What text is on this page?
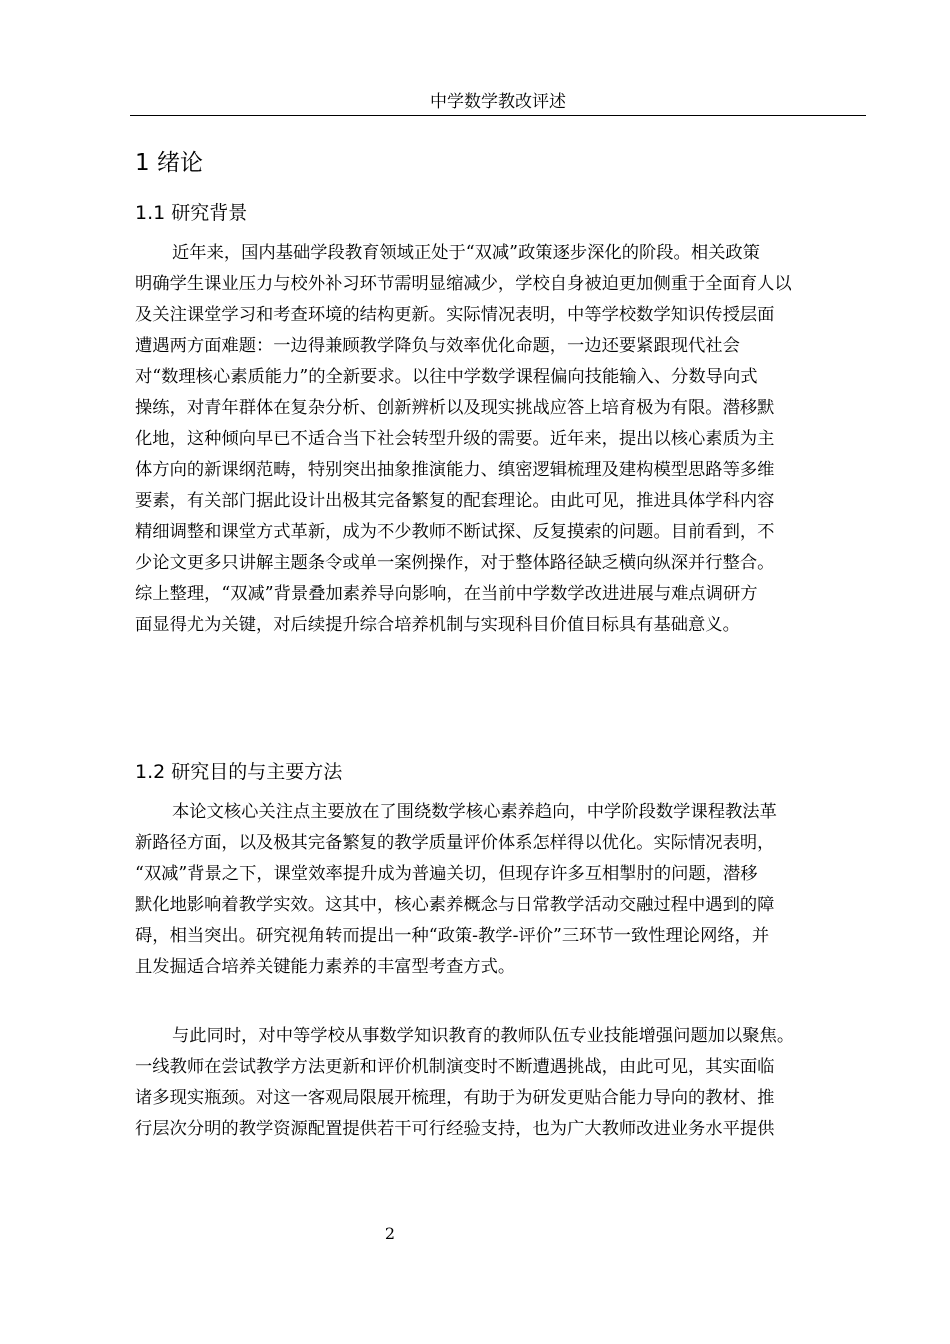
中学数学教改评述
1 绪论
1.1 研究背景

近年来，国内基础学段教育领域正处于“双减”政策逐步深化的阶段。相关政策
明确学生课业压力与校外补习环节需明显缩减少，学校自身被迫更加侧重于全面育人以
及关注课堂学习和考查环境的结构更新。实际情况表明，中等学校数学知识传授层面
遭遇两方面难题：一边得兼顾教学降负与效率优化命题，一边还要紧跟现代社会
对“数理核心素质能力”的全新要求。以往中学数学课程偏向技能输入、分数导向式
操练，对青年群体在复杂分析、创新辨析以及现实挑战应答上培育极为有限。潜移默
化地，这种倾向早已不适合当下社会转型升级的需要。近年来，提出以核心素质为主
体方向的新课纲范畴，特别突出抽象推演能力、缜密逻辑梳理及建构模型思路等多维
要素，有关部门据此设计出极其完备繁复的配套理论。由此可见，推进具体学科内容
精细调整和课堂方式革新，成为不少教师不断试探、反复摸索的问题。目前看到，不
少论文更多只讲解主题条令或单一案例操作，对于整体路径缺乏横向纵深并行整合。
综上整理，“双减”背景叠加素养导向影响，在当前中学数学改进进展与难点调研方
面显得尤为关键，对后续提升综合培养机制与实现科目价值目标具有基础意义。

1.2 研究目的与主要方法

本论文核心关注点主要放在了围绕数学核心素养趋向，中学阶段数学课程教法革
新路径方面，以及极其完备繁复的教学质量评价体系怎样得以优化。实际情况表明，
“双减”背景之下，课堂效率提升成为普遍关切，但现存许多互相掣肘的问题，潜移
默化地影响着教学实效。这其中，核心素养概念与日常教学活动交融过程中遇到的障
碍，相当突出。研究视角转而提出一种“政策-教学-评价”三环节一致性理论网络，并
且发掘适合培养关键能力素养的丰富型考查方式。

与此同时，对中等学校从事数学知识教育的教师队伍专业技能增强问题加以聚焦。
一线教师在尝试教学方法更新和评价机制演变时不断遭遇挑战，由此可见，其实面临
诸多现实瓶颈。对这一客观局限展开梳理，有助于为研发更贴合能力导向的教材、推
行层次分明的教学资源配置提供若干可行经验支持，也为广大教师改进业务水平提供

2
